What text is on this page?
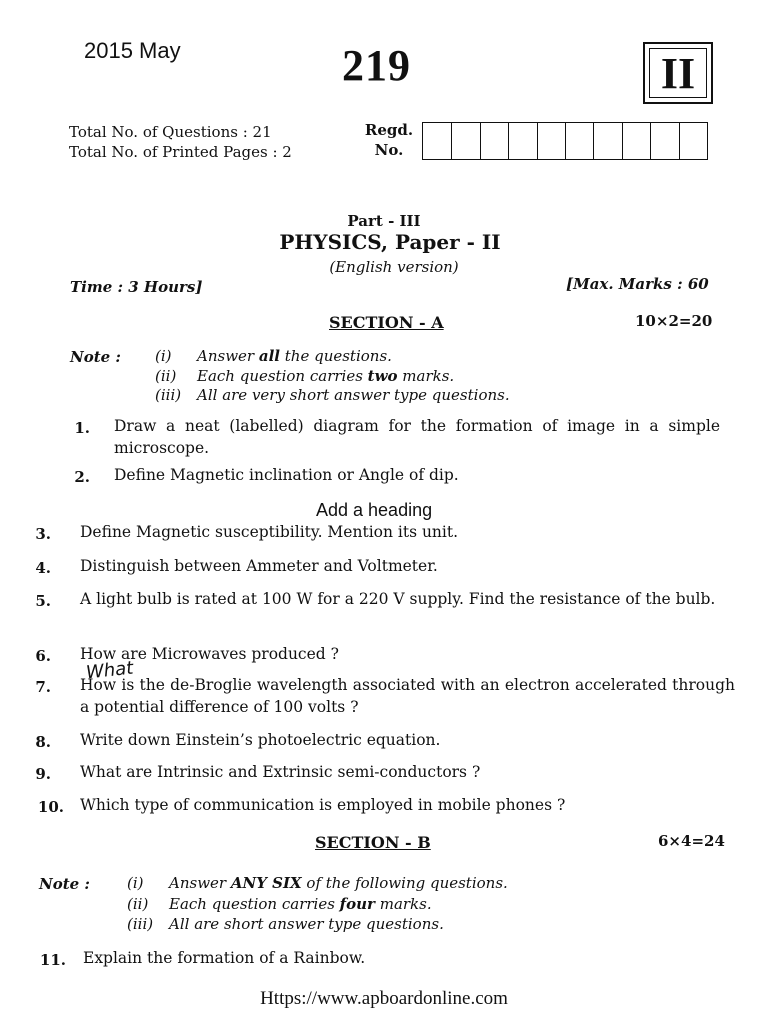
2015 May	219	II
Total No. of Questions : 21
Total No. of Printed Pages : 2
Regd.
No.
Part - III
PHYSICS, Paper - II
(English version)
Time : 3 Hours]	[Max. Marks : 60
SECTION - A	10×2=20
Note : (i) Answer all the questions.
(ii) Each question carries two marks.
(iii) All are very short answer type questions.
1. Draw a neat (labelled) diagram for the formation of image in a simple microscope.
2. Define Magnetic inclination or Angle of dip.
Add a heading
3. Define Magnetic susceptibility. Mention its unit.
4. Distinguish between Ammeter and Voltmeter.
5. A light bulb is rated at 100 W for a 220 V supply. Find the resistance of the bulb.
6. How are Microwaves produced ?
What
7. How is the de-Broglie wavelength associated with an electron accelerated through a potential difference of 100 volts ?
8. Write down Einstein’s photoelectric equation.
9. What are Intrinsic and Extrinsic semi-conductors ?
10. Which type of communication is employed in mobile phones ?
SECTION - B	6×4=24
Note : (i) Answer ANY SIX of the following questions.
(ii) Each question carries four marks.
(iii) All are short answer type questions.
11. Explain the formation of a Rainbow.
Https://www.apboardonline.com
